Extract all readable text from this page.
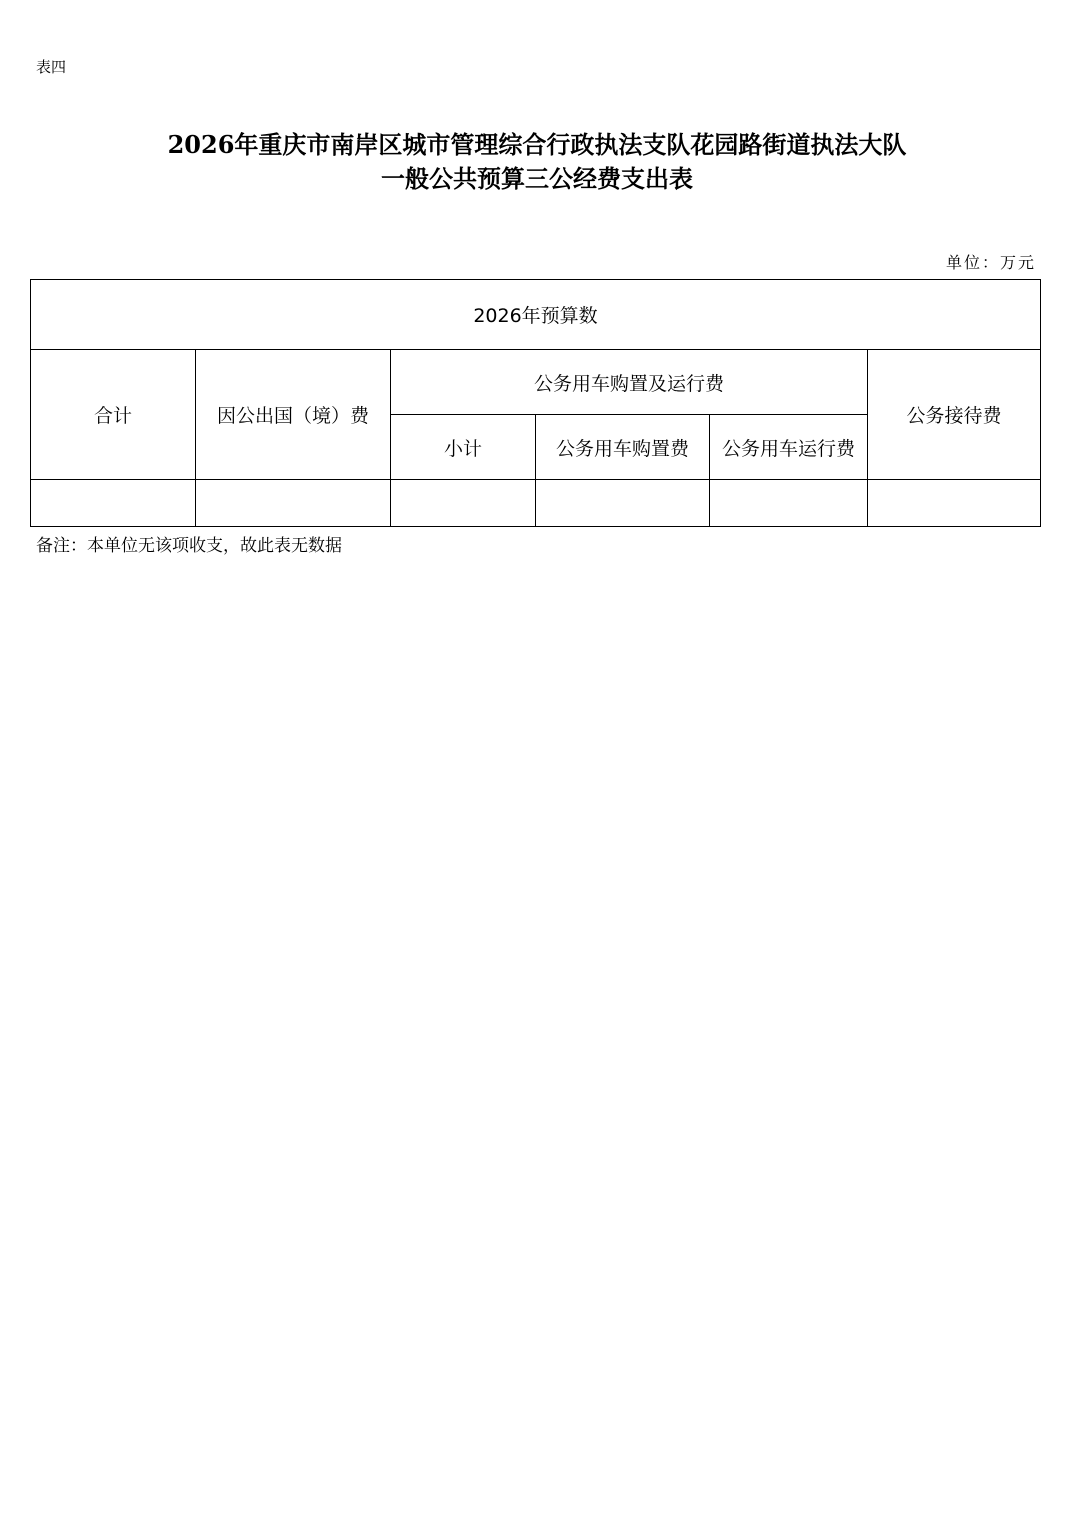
表四
2026年重庆市南岸区城市管理综合行政执法支队花园路街道执法大队
一般公共预算三公经费支出表
单位：万元
2026年预算数					
合计	因公出国（境）费	公务用车购置及运行费			公务接待费
		小计	公务用车购置费	公务用车运行费	

备注：本单位无该项收支，故此表无数据
